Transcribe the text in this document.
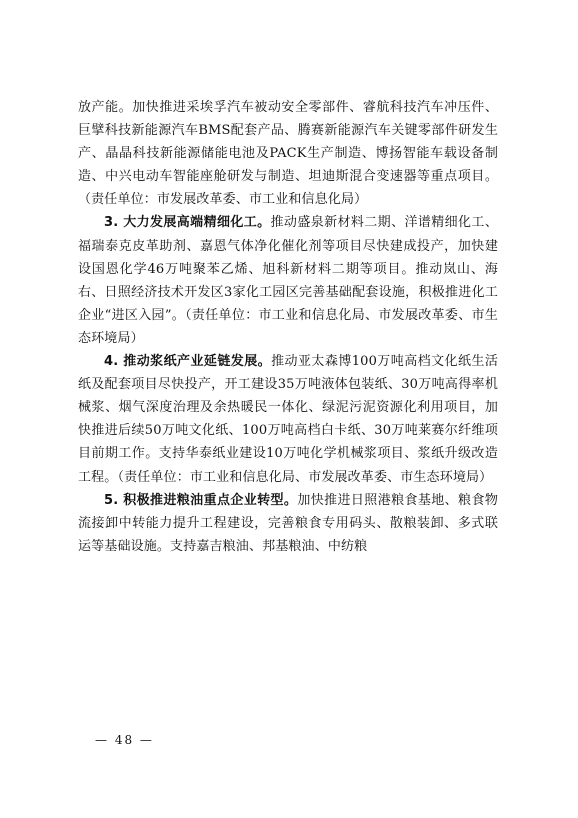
放产能。加快推进采埃孚汽车被动安全零部件、睿航科技汽车冲压件、巨擘科技新能源汽车BMS配套产品、腾赛新能源汽车关键零部件研发生产、晶晶科技新能源储能电池及PACK生产制造、博扬智能车载设备制造、中兴电动车智能座舱研发与制造、坦迪斯混合变速器等重点项目。（责任单位：市发展改革委、市工业和信息化局）

3. 大力发展高端精细化工。推动盛泉新材料二期、洋谱精细化工、福瑞泰克皮革助剂、嘉恩气体净化催化剂等项目尽快建成投产，加快建设国恩化学46万吨聚苯乙烯、旭科新材料二期等项目。推动岚山、海右、日照经济技术开发区3家化工园区完善基础配套设施，积极推进化工企业“进区入园”。（责任单位：市工业和信息化局、市发展改革委、市生态环境局）

4. 推动浆纸产业延链发展。推动亚太森博100万吨高档文化纸生活纸及配套项目尽快投产，开工建设35万吨液体包装纸、30万吨高得率机械浆、烟气深度治理及余热暖民一体化、绿泥污泥资源化利用项目，加快推进后续50万吨文化纸、100万吨高档白卡纸、30万吨莱赛尔纤维项目前期工作。支持华泰纸业建设10万吨化学机械浆项目、浆纸升级改造工程。（责任单位：市工业和信息化局、市发展改革委、市生态环境局）

5. 积极推进粮油重点企业转型。加快推进日照港粮食基地、粮食物流接卸中转能力提升工程建设，完善粮食专用码头、散粮装卸、多式联运等基础设施。支持嘉吉粮油、邦基粮油、中纺粮

— 48 —
